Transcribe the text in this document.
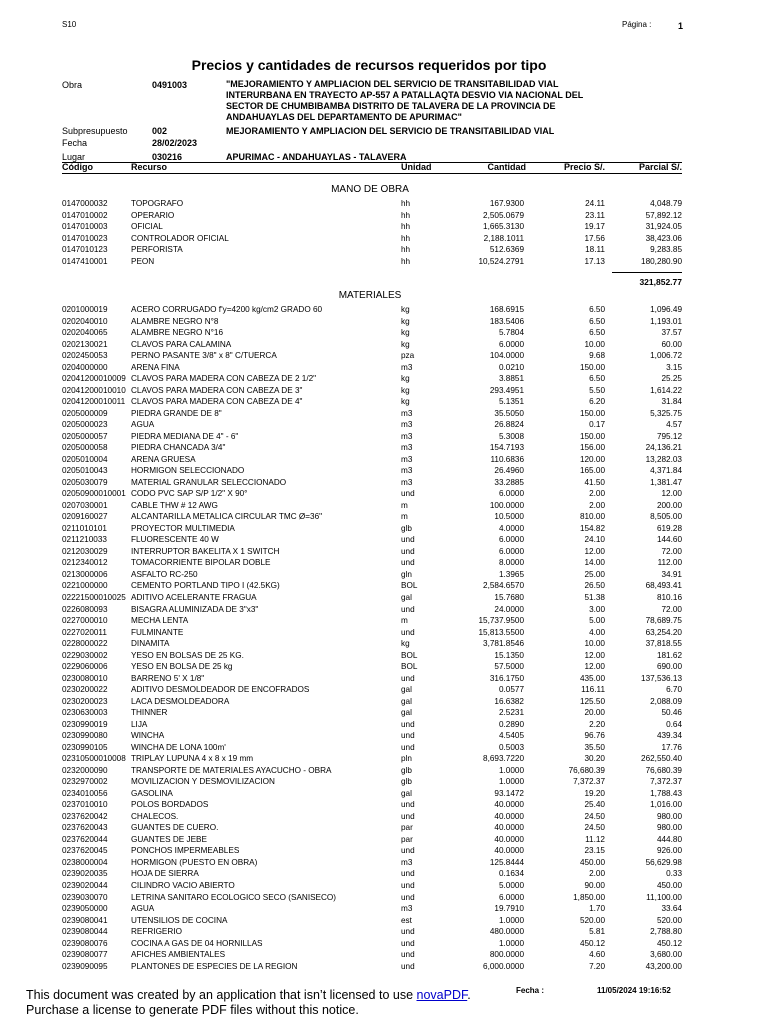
S10	Página :	1
Precios y cantidades de recursos requeridos por tipo
Obra	0491003	"MEJORAMIENTO Y AMPLIACION DEL SERVICIO DE TRANSITABILIDAD VIAL INTERURBANA EN TRAYECTO AP-557 A PATALLAQTA DESVIO VIA NACIONAL DEL SECTOR DE CHUMBIBAMBA DISTRITO DE TALAVERA DE LA PROVINCIA DE ANDAHUAYLAS DEL DEPARTAMENTO DE APURIMAC"
Subpresupuesto	002	MEJORAMIENTO Y AMPLIACION DEL SERVICIO DE TRANSITABILIDAD VIAL
Fecha	28/02/2023
Lugar	030216	APURIMAC - ANDAHUAYLAS - TALAVERA
Código	Recurso	Unidad	Cantidad	Precio S/.	Parcial S/.
MANO DE OBRA
0147000032	TOPOGRAFO	hh	167.9300	24.11	4,048.79
0147010002	OPERARIO	hh	2,505.0679	23.11	57,892.12
0147010003	OFICIAL	hh	1,665.3130	19.17	31,924.05
0147010023	CONTROLADOR OFICIAL	hh	2,188.1011	17.56	38,423.06
0147010123	PERFORISTA	hh	512.6369	18.11	9,283.85
0147410001	PEON	hh	10,524.2791	17.13	180,280.90
321,852.77
MATERIALES
0201000019	ACERO CORRUGADO f'y=4200 kg/cm2 GRADO 60	kg	168.6915	6.50	1,096.49
0202040010	ALAMBRE NEGRO N°8	kg	183.5406	6.50	1,193.01
0202040065	ALAMBRE NEGRO N°16	kg	5.7804	6.50	37.57
0202130021	CLAVOS PARA CALAMINA	kg	6.0000	10.00	60.00
0202450053	PERNO PASANTE 3/8" x 8" C/TUERCA	pza	104.0000	9.68	1,006.72
0204000000	ARENA FINA	m3	0.0210	150.00	3.15
02041200010009 CLAVOS PARA MADERA CON CABEZA DE 2 1/2"	kg	3.8851	6.50	25.25
02041200010010 CLAVOS PARA MADERA CON CABEZA DE 3"	kg	293.4951	5.50	1,614.22
02041200010011 CLAVOS PARA MADERA CON CABEZA DE 4"	kg	5.1351	6.20	31.84
0205000009	PIEDRA GRANDE DE 8"	m3	35.5050	150.00	5,325.75
0205000023	AGUA	m3	26.8824	0.17	4.57
0205000057	PIEDRA MEDIANA DE 4" - 6"	m3	5.3008	150.00	795.12
0205000058	PIEDRA CHANCADA 3/4"	m3	154.7193	156.00	24,136.21
0205010004	ARENA GRUESA	m3	110.6836	120.00	13,282.03
0205010043	HORMIGON SELECCIONADO	m3	26.4960	165.00	4,371.84
0205030079	MATERIAL GRANULAR SELECCIONADO	m3	33.2885	41.50	1,381.47
02050900010001 CODO PVC SAP S/P 1/2" X 90°	und	6.0000	2.00	12.00
0207030001	CABLE THW # 12 AWG	m	100.0000	2.00	200.00
0209160027	ALCANTARILLA METALICA CIRCULAR TMC Ø=36"	m	10.5000	810.00	8,505.00
0211010101	PROYECTOR MULTIMEDIA	glb	4.0000	154.82	619.28
0211210033	FLUORESCENTE 40 W	und	6.0000	24.10	144.60
0212030029	INTERRUPTOR BAKELITA X 1 SWITCH	und	6.0000	12.00	72.00
0212340012	TOMACORRIENTE BIPOLAR DOBLE	und	8.0000	14.00	112.00
0213000006	ASFALTO RC-250	gln	1.3965	25.00	34.91
0221000000	CEMENTO PORTLAND TIPO I (42.5KG)	BOL	2,584.6570	26.50	68,493.41
02221500010025 ADITIVO ACELERANTE FRAGUA	gal	15.7680	51.38	810.16
0226080093	BISAGRA ALUMINIZADA DE 3"x3"	und	24.0000	3.00	72.00
0227000010	MECHA LENTA	m	15,737.9500	5.00	78,689.75
0227020011	FULMINANTE	und	15,813.5500	4.00	63,254.20
0228000022	DINAMITA	kg	3,781.8546	10.00	37,818.55
0229030002	YESO EN BOLSAS DE 25 KG.	BOL	15.1350	12.00	181.62
0229060006	YESO EN BOLSA DE 25 kg	BOL	57.5000	12.00	690.00
0230080010	BARRENO 5' X 1/8"	und	316.1750	435.00	137,536.13
0230200022	ADITIVO DESMOLDEADOR DE ENCOFRADOS	gal	0.0577	116.11	6.70
0230200023	LACA DESMOLDEADORA	gal	16.6382	125.50	2,088.09
0230630003	THINNER	gal	2.5231	20.00	50.46
0230990019	LIJA	und	0.2890	2.20	0.64
0230990080	WINCHA	und	4.5405	96.76	439.34
0230990105	WINCHA DE LONA 100m'	und	0.5003	35.50	17.76
02310500010008 TRIPLAY LUPUNA 4 x 8 x 19 mm	pln	8,693.7220	30.20	262,550.40
0232000090	TRANSPORTE DE MATERIALES AYACUCHO - OBRA	glb	1.0000	76,680.39	76,680.39
0232970002	MOVILIZACION Y DESMOVILIZACION	glb	1.0000	7,372.37	7,372.37
0234010056	GASOLINA	gal	93.1472	19.20	1,788.43
0237010010	POLOS BORDADOS	und	40.0000	25.40	1,016.00
0237620042	CHALECOS.	und	40.0000	24.50	980.00
0237620043	GUANTES DE CUERO.	par	40.0000	24.50	980.00
0237620044	GUANTES DE JEBE	par	40.0000	11.12	444.80
0237620045	PONCHOS IMPERMEABLES	und	40.0000	23.15	926.00
0238000004	HORMIGON (PUESTO EN OBRA)	m3	125.8444	450.00	56,629.98
0239020035	HOJA DE SIERRA	und	0.1634	2.00	0.33
0239020044	CILINDRO VACIO ABIERTO	und	5.0000	90.00	450.00
0239030070	LETRINA SANITARO ECOLOGICO SECO (SANISECO)	und	6.0000	1,850.00	11,100.00
0239050000	AGUA	m3	19.7910	1.70	33.64
0239080041	UTENSILIOS DE COCINA	est	1.0000	520.00	520.00
0239080044	REFRIGERIO	und	480.0000	5.81	2,788.80
0239080076	COCINA A GAS DE 04 HORNILLAS	und	1.0000	450.12	450.12
0239080077	AFICHES AMBIENTALES	und	800.0000	4.60	3,680.00
0239090095	PLANTONES DE ESPECIES DE LA REGION	und	6,000.0000	7.20	43,200.00
This document was created by an application that isn’t licensed to use novaPDF.
Purchase a license to generate PDF files without this notice.
Fecha :	11/05/2024 19:16:52
